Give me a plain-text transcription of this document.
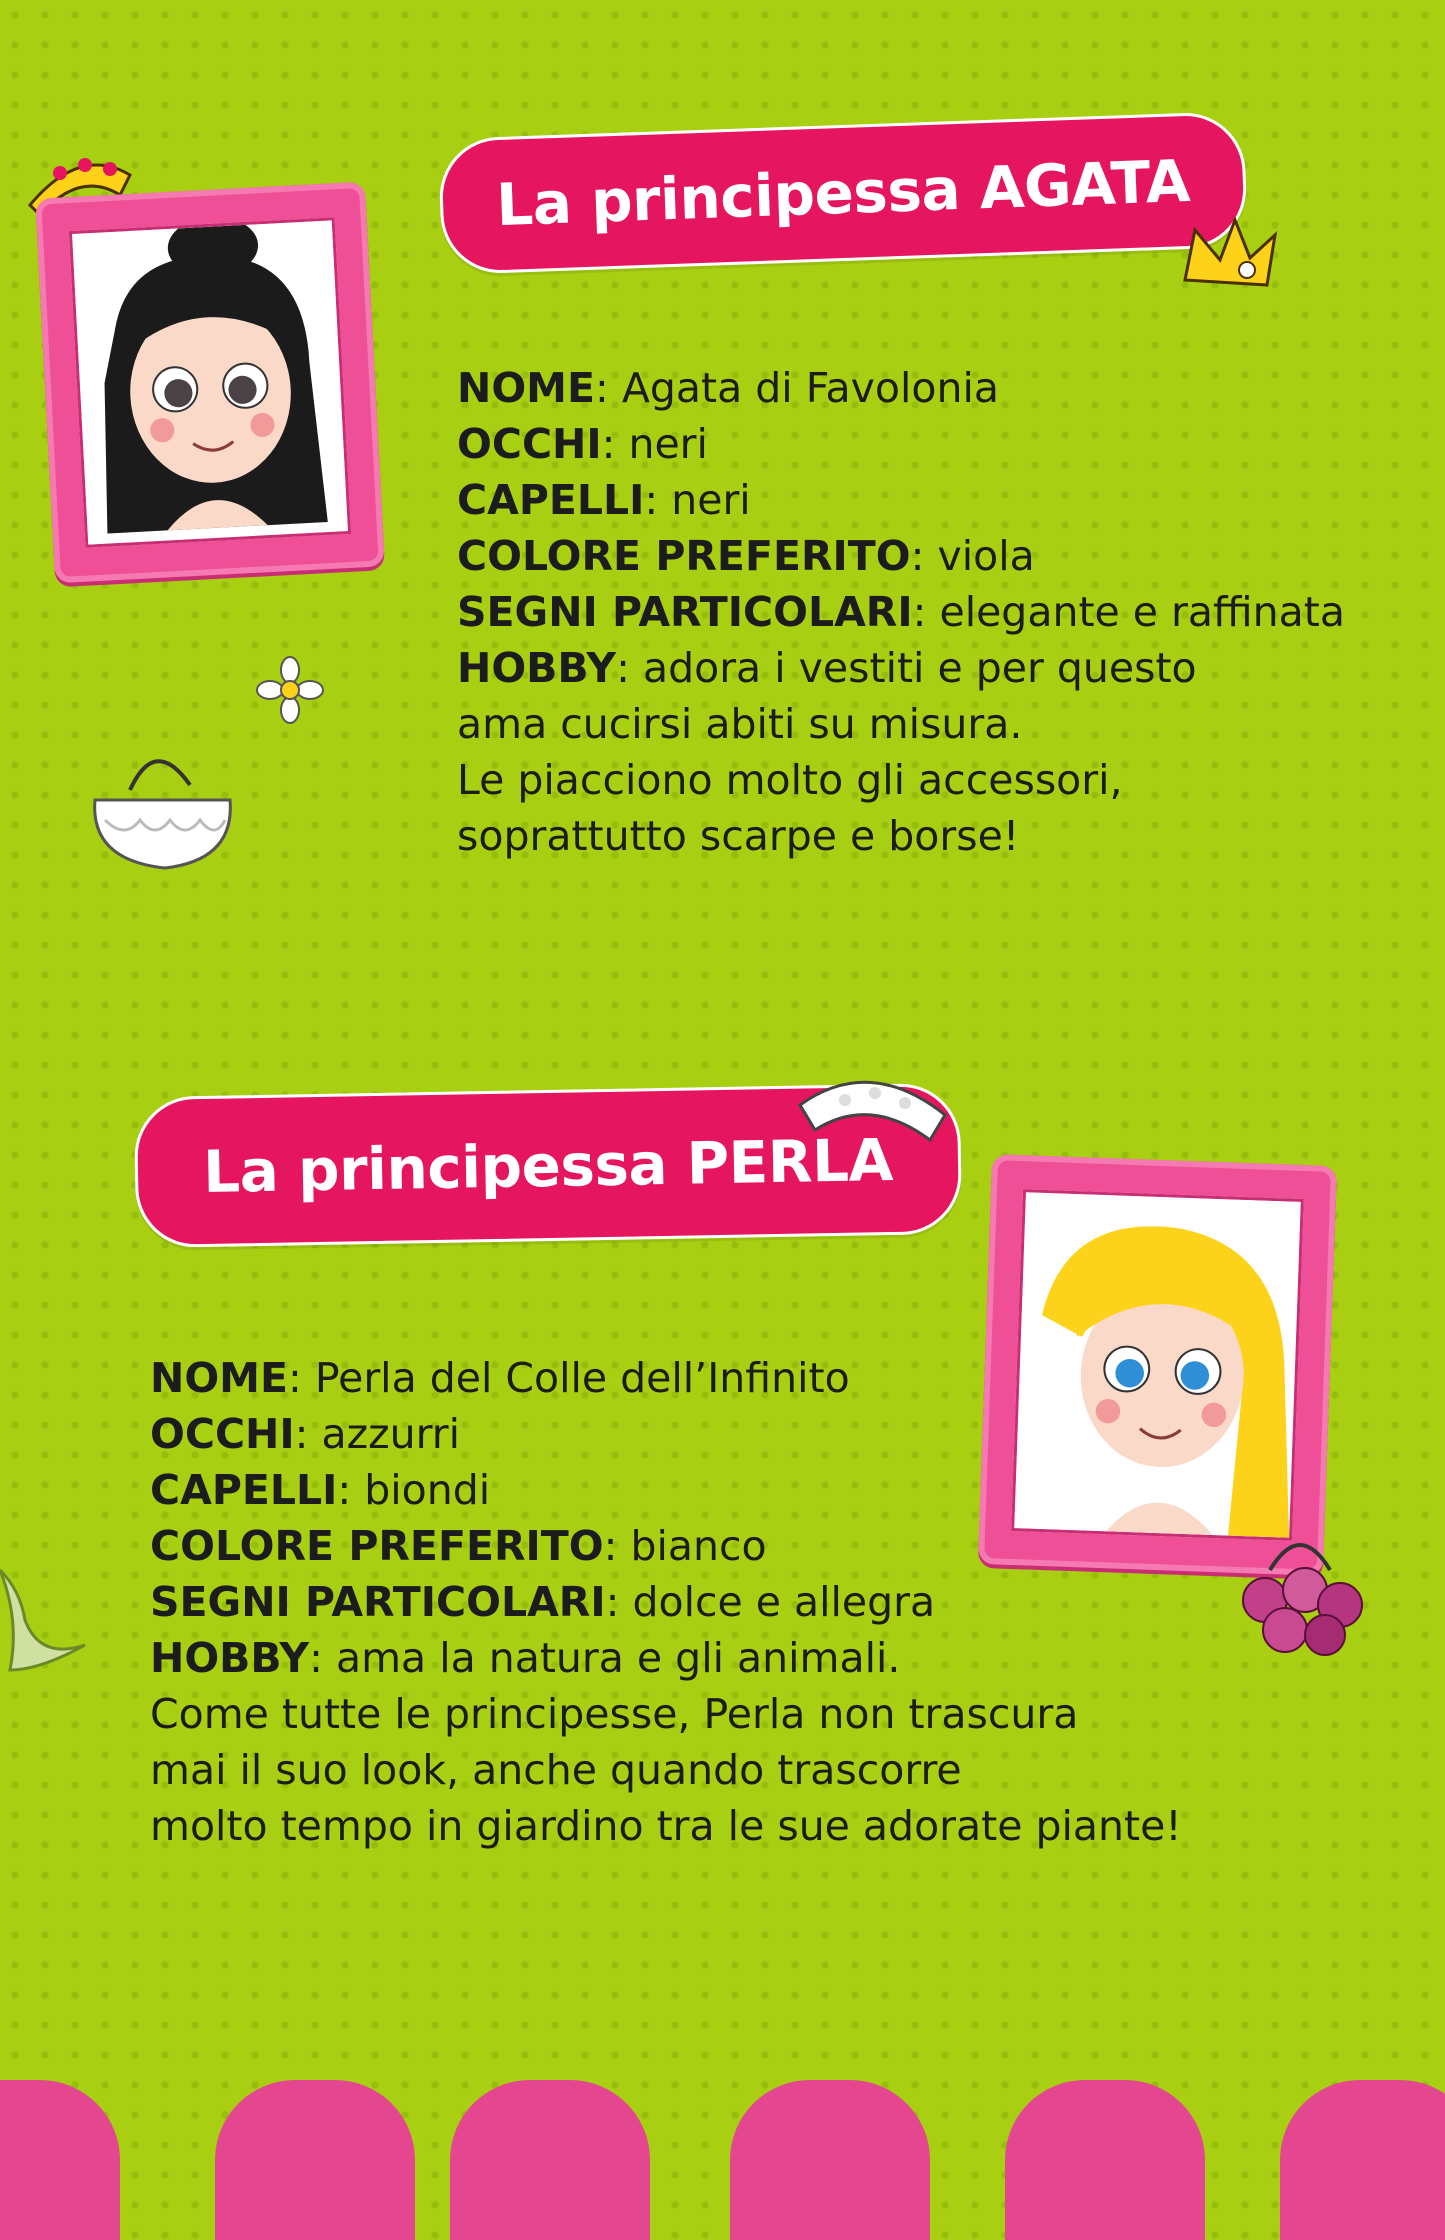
La principessa AGATA
NOME: Agata di Favolonia
OCCHI: neri
CAPELLI: neri
COLORE PREFERITO: viola
SEGNI PARTICOLARI: elegante e raffinata
HOBBY: adora i vestiti e per questo
ama cucirsi abiti su misura.
Le piacciono molto gli accessori,
soprattutto scarpe e borse!
La principessa PERLA
NOME: Perla del Colle dell’Infinito
OCCHI: azzurri
CAPELLI: biondi
COLORE PREFERITO: bianco
SEGNI PARTICOLARI: dolce e allegra
HOBBY: ama la natura e gli animali.
Come tutte le principesse, Perla non trascura
mai il suo look, anche quando trascorre
molto tempo in giardino tra le sue adorate piante!
